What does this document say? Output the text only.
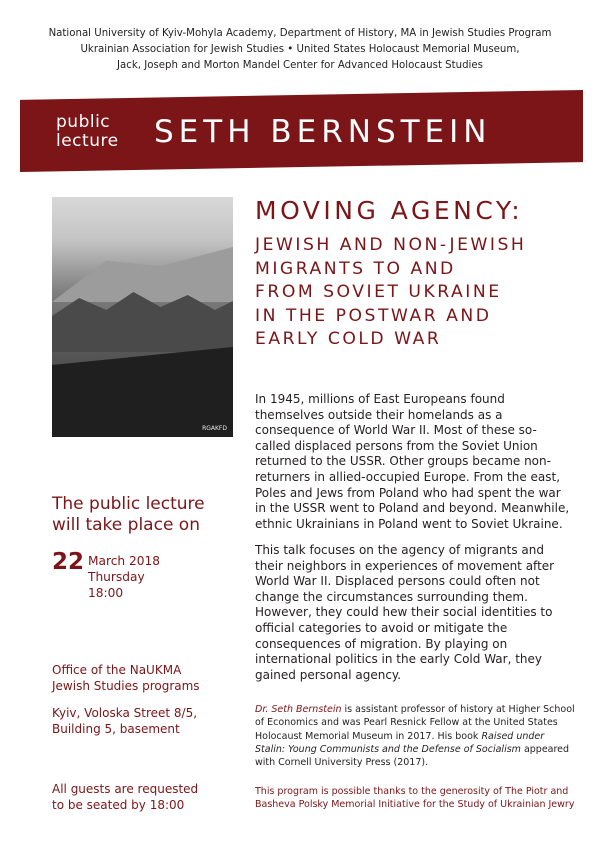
National University of Kyiv-Mohyla Academy, Department of History, MA in Jewish Studies Program
Ukrainian Association for Jewish Studies • United States Holocaust Memorial Museum,
Jack, Joseph and Morton Mandel Center for Advanced Holocaust Studies
public
lecture SETH BERNSTEIN
RGAKFD
MOVING AGENCY:
JEWISH AND NON-JEWISH
MIGRANTS TO AND
FROM SOVIET UKRAINE
IN THE POSTWAR AND
EARLY COLD WAR
In 1945, millions of East Europeans found themselves outside their homelands as a consequence of World War II. Most of these so-called displaced persons from the Soviet Union returned to the USSR. Other groups became non-returners in allied-occupied Europe. From the east, Poles and Jews from Poland who had spent the war in the USSR went to Poland and beyond. Meanwhile, ethnic Ukrainians in Poland went to Soviet Ukraine.
This talk focuses on the agency of migrants and their neighbors in experiences of movement after World War II. Displaced persons could often not change the circumstances surrounding them. However, they could hew their social identities to official categories to avoid or mitigate the consequences of migration. By playing on international politics in the early Cold War, they gained personal agency.
Dr. Seth Bernstein is assistant professor of history at Higher School of Economics and was Pearl Resnick Fellow at the United States Holocaust Memorial Museum in 2017. His book Raised under Stalin: Young Communists and the Defense of Socialism appeared with Cornell University Press (2017).
This program is possible thanks to the generosity of The Piotr and Basheva Polsky Memorial Initiative for the Study of Ukrainian Jewry
The public lecture
will take place on
22 March 2018
Thursday
18:00
Office of the NaUKMA
Jewish Studies programs
Kyiv, Voloska Street 8/5,
Building 5, basement
All guests are requested
to be seated by 18:00
